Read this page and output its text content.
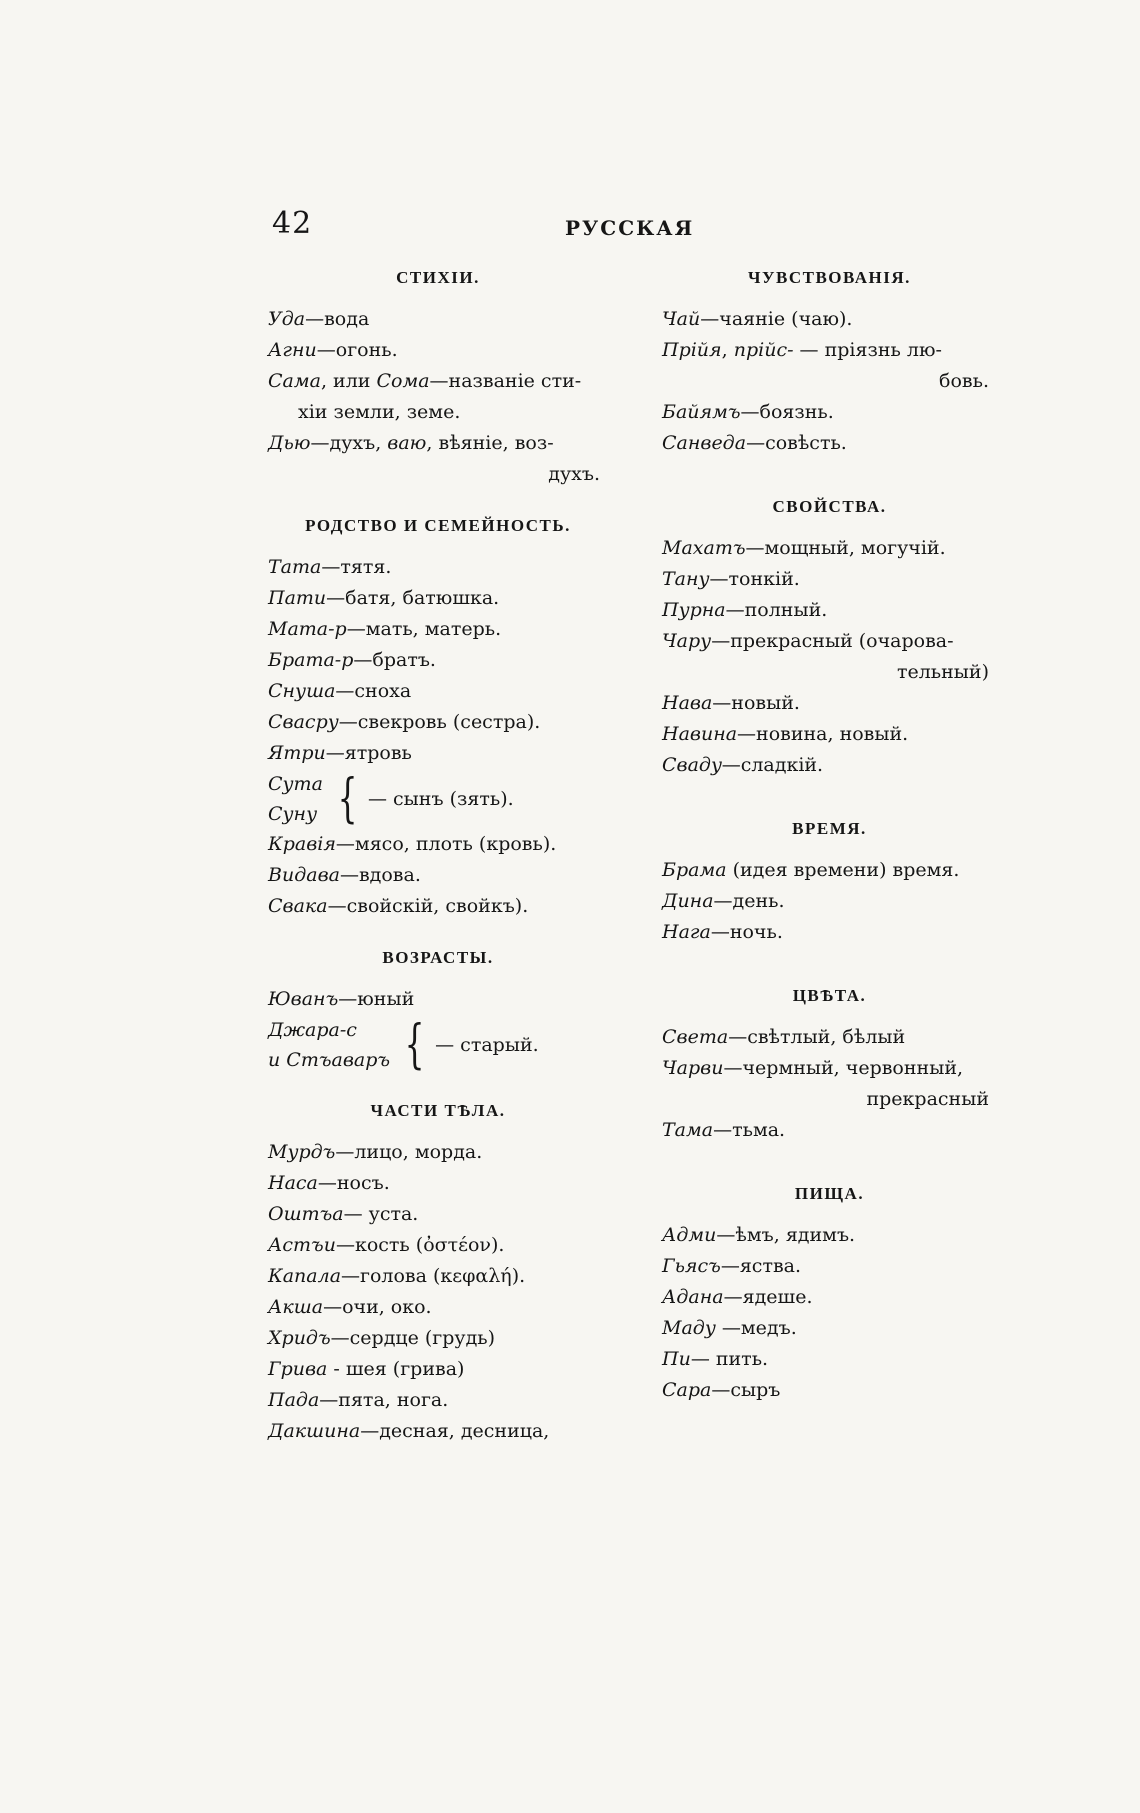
42	РУССКАЯ
СТИХІИ.
Уда—вода
Агни—огонь.
Сама, или Сома—названіе сти-
хіи земли, земе.
Дью—духъ, ваю, вѣяніе, воз-
духъ.
РОДСТВО И СЕМЕЙНОСТЬ.
Тата—тятя.
Пати—батя, батюшка.
Мата-р—мать, матерь.
Брата-р—братъ.
Снуша—сноха
Свасру—свекровь (сестра).
Ятри—ятровь
Сута
Суну { — сынъ (зять).
Кравія—мясо, плоть (кровь).
Видава—вдова.
Свака—свойскій, свойкъ).
ВОЗРАСТЫ.
Юванъ—юный
Джара-с
и Стъаваръ { — старый.
ЧАСТИ ТѢЛА.
Мурдъ—лицо, морда.
Наса—носъ.
Оштъа— уста.
Астъи—кость (ὀστέον).
Капала—голова (κεφαλή).
Акша—очи, око.
Хридъ—сердце (грудь)
Грива - шея (грива)
Пада—пята, нога.
Дакшина—десная, десница,
ЧУВСТВОВАНІЯ.
Чай—чаяніе (чаю).
Прійя, прійс- — пріязнь лю-
бовь.
Байямъ—боязнь.
Санведа—совѣсть.
СВОЙСТВА.
Махатъ—мощный, могучій.
Тану—тонкій.
Пурна—полный.
Чару—прекрасный (очарова-
тельный)
Нава—новый.
Навина—новина, новый.
Свадy—сладкій.
ВРЕМЯ.
Брама (идея времени) время.
Дина—день.
Нага—ночь.
ЦВѢТА.
Света—свѣтлый, бѣлый
Чарви—чермный, червонный,
прекрасный
Тама—тьма.
ПИЩА.
Адми—ѣмъ, ядимъ.
Гьясъ—яства.
Адана—ядеше.
Маду —медъ.
Пи— пить.
Сара—сыръ
